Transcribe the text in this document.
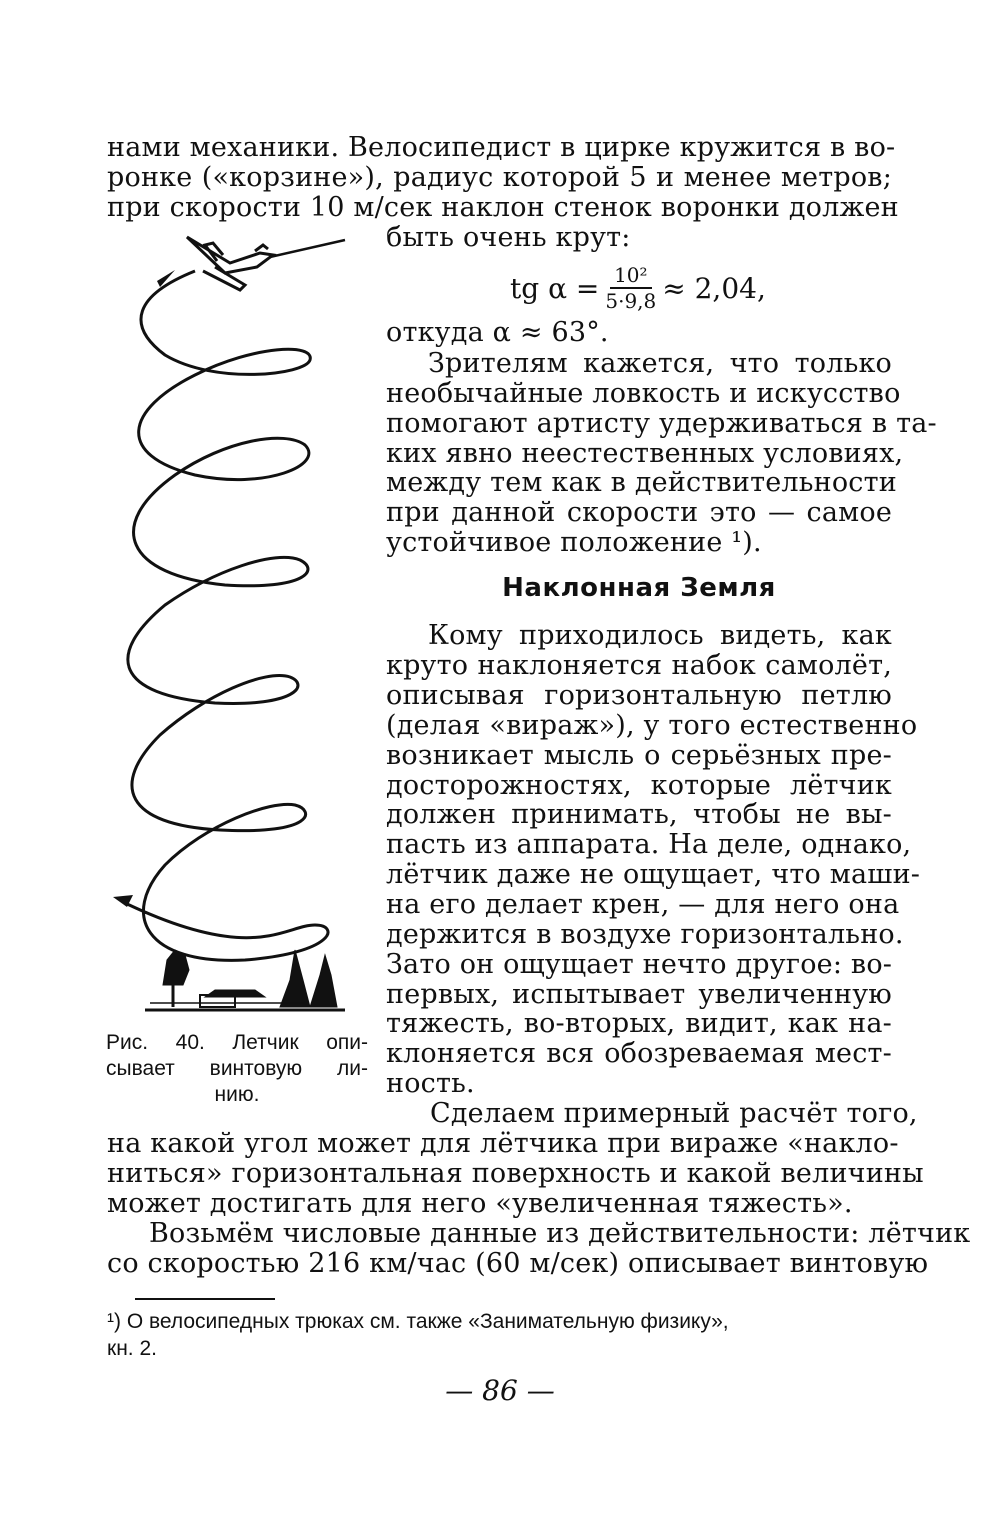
нами механики. Велосипедист в цирке кружится в во-
ронке («корзине»), радиус которой 5 и менее метров;
при скорости 10 м/сек наклон стенок воронки должен
быть очень крут:
tg $\alpha = \frac{\text{10²}}{5\cdot 9,8} \approx 2,04$,
откуда α ≈ 63°.
Зрителям кажется, что только
необычайные ловкость и искусство
помогают артисту удерживаться в та-
ких явно неестественных условиях,
между тем как в действительности
при данной скорости это — самое
устойчивое положение ¹).
Наклонная Земля
Кому приходилось видеть, как
круто наклоняется набок самолёт,
описывая горизонтальную петлю
(делая «вираж»), у того естественно
возникает мысль о серьёзных пре-
досторожностях, которые лётчик
должен принимать, чтобы не вы-
пасть из аппарата. На деле, однако,
лётчик даже не ощущает, что маши-
на его делает крен, — для него она
держится в воздухе горизонтально.
Зато он ощущает нечто другое: во-
первых, испытывает увеличенную
тяжесть, во-вторых, видит, как на-
клоняется вся обозреваемая мест-
ность.
Сделаем примерный расчёт того,
на какой угол может для лётчика при вираже «накло-
ниться» горизонтальная поверхность и какой величины
может достигать для него «увеличенная тяжесть».
Возьмём числовые данные из действительности: лётчик
со скоростью 216 км/час (60 м/сек) описывает винтовую
Рис. 40. Летчик опи-
сывает винтовую ли-
нию.
¹) О велосипедных трюках см. также «Занимательную физику»,
кн. 2.
— 86 —
